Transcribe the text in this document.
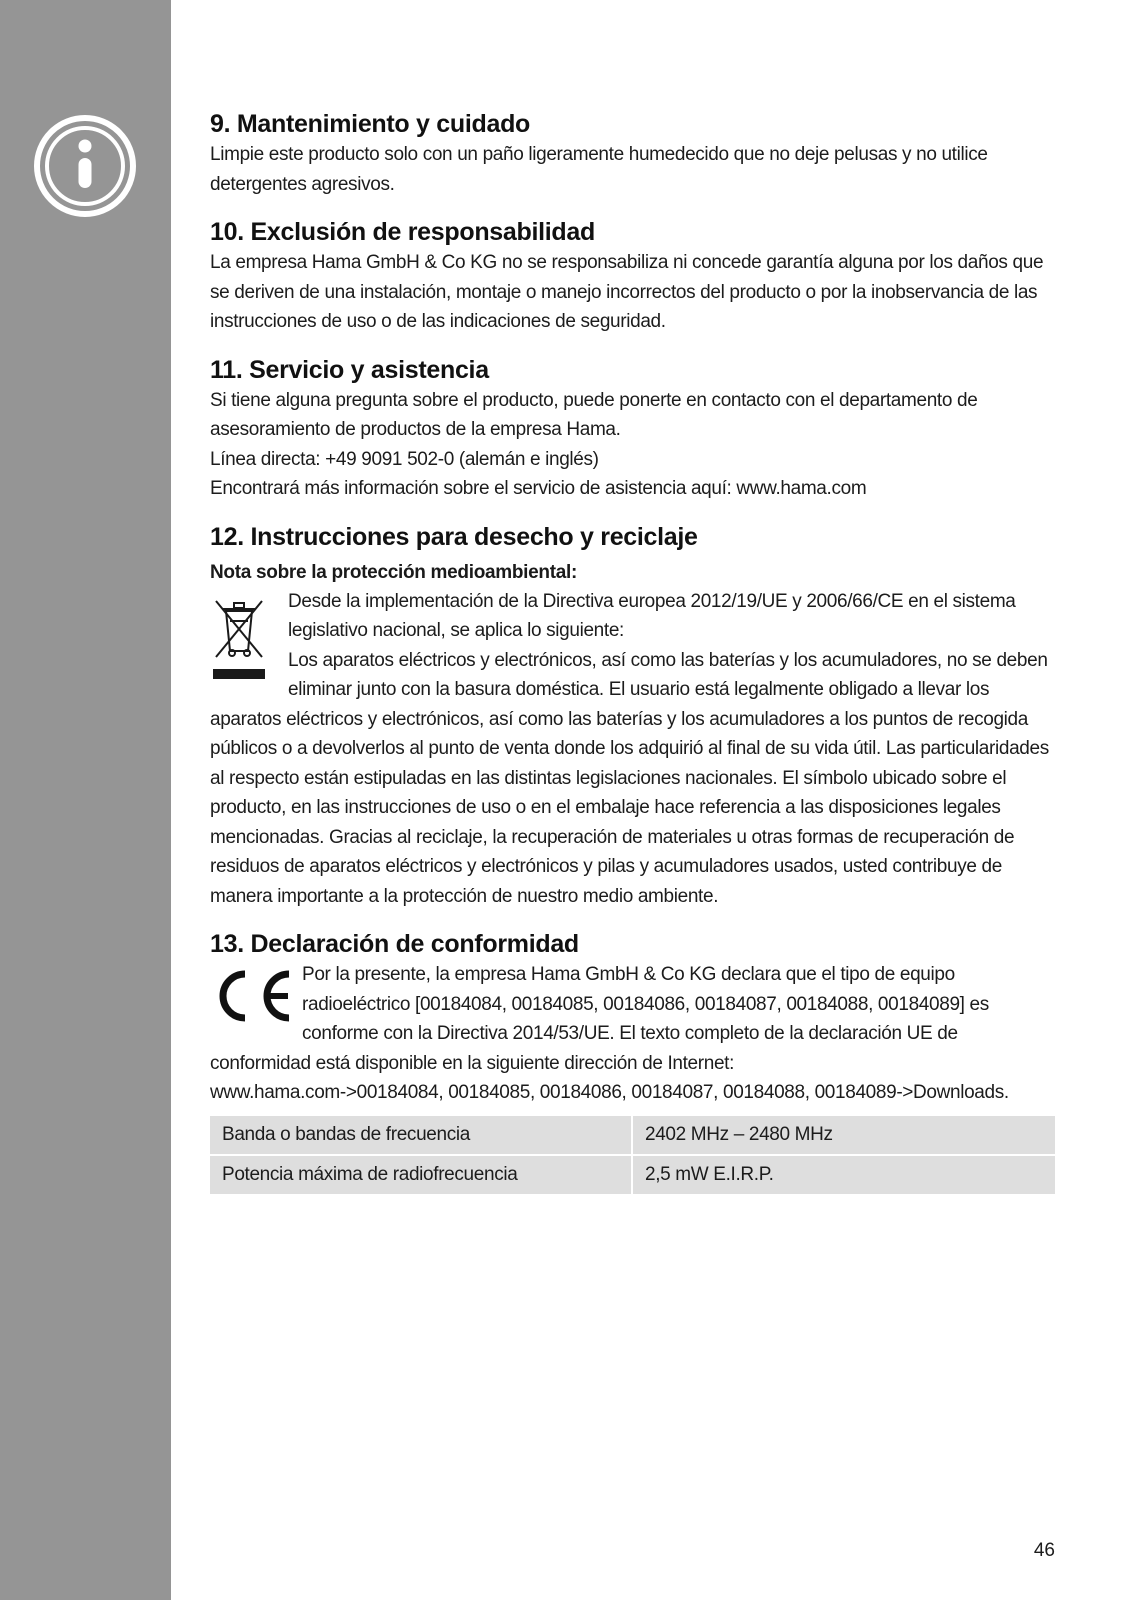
9. Mantenimiento y cuidado

Limpie este producto solo con un paño ligeramente humedecido que no deje pelusas y no utilice detergentes agresivos.

10. Exclusión de responsabilidad

La empresa Hama GmbH & Co KG no se responsabiliza ni concede garantía alguna por los daños que se deriven de una instalación, montaje o manejo incorrectos del producto o por la inobservancia de las instrucciones de uso o de las indicaciones de seguridad.

11. Servicio y asistencia

Si tiene alguna pregunta sobre el producto, puede ponerte en contacto con el departamento de asesoramiento de productos de la empresa Hama.

Línea directa: +49 9091 502-0 (alemán e inglés)

Encontrará más información sobre el servicio de asistencia aquí: www.hama.com

12. Instrucciones para desecho y reciclaje
Nota sobre la protección medioambiental:

Desde la implementación de la Directiva europea 2012/19/UE y 2006/66/CE en el sistema legislativo nacional, se aplica lo siguiente:

Los aparatos eléctricos y electrónicos, así como las baterías y los acumuladores, no se deben eliminar junto con la basura doméstica. El usuario está legalmente obligado a llevar los aparatos eléctricos y electrónicos, así como las baterías y los acumuladores a los puntos de recogida públicos o a devolverlos al punto de venta donde los adquirió al final de su vida útil. Las particularidades al respecto están estipuladas en las distintas legislaciones nacionales. El símbolo ubicado sobre el producto, en las instrucciones de uso o en el embalaje hace referencia a las disposiciones legales mencionadas. Gracias al reciclaje, la recuperación de materiales u otras formas de recuperación de residuos de aparatos eléctricos y electrónicos y pilas y acumuladores usados, usted contribuye de manera importante a la protección de nuestro medio ambiente.

13. Declaración de conformidad

Por la presente, la empresa Hama GmbH & Co KG declara que el tipo de equipo radioeléctrico [00184084, 00184085, 00184086, 00184087, 00184088, 00184089] es conforme con la Directiva 2014/53/UE. El texto completo de la declaración UE de conformidad está disponible en la siguiente dirección de Internet:

www.hama.com->00184084, 00184085, 00184086, 00184087, 00184088, 00184089->Downloads.

Banda o bandas de frecuencia	2402 MHz – 2480 MHz
Potencia máxima de radiofrecuencia	2,5 mW E.I.R.P.
46
